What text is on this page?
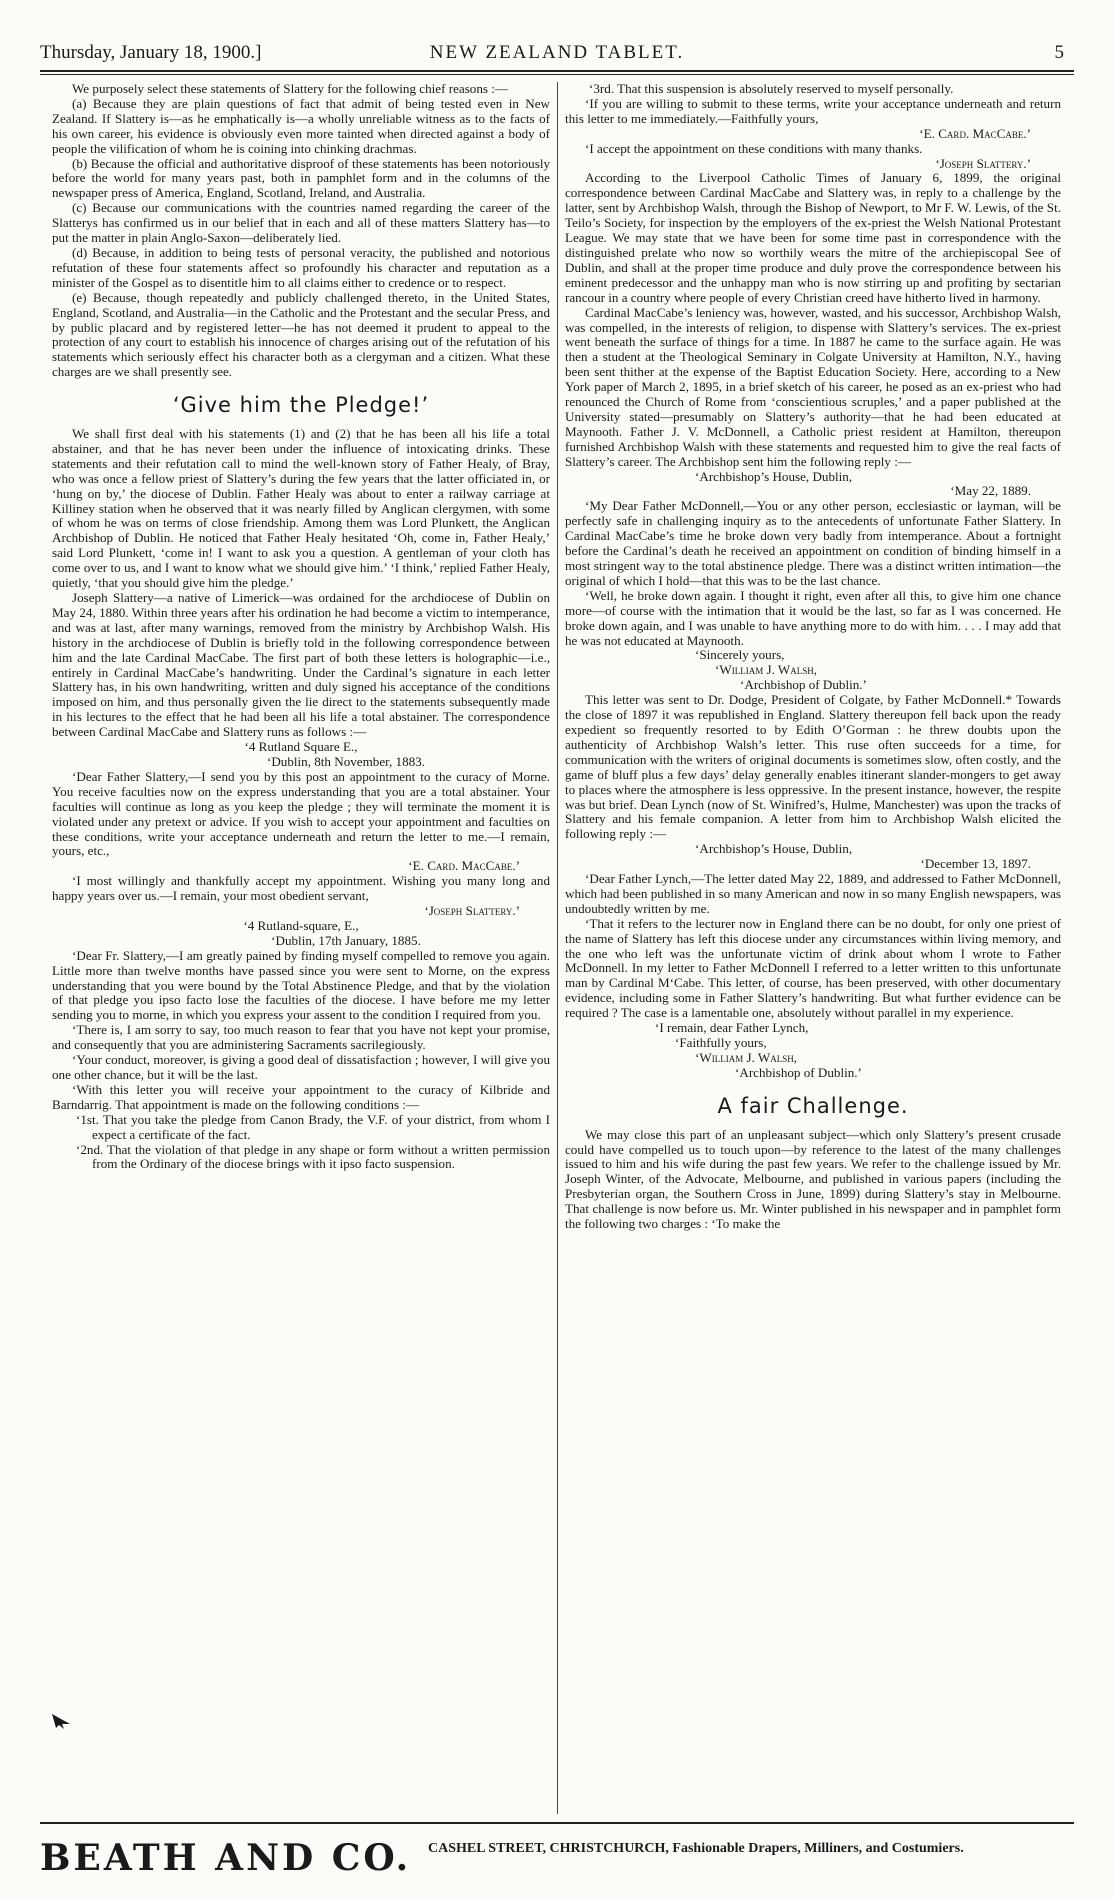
Thursday, January 18, 1900.]	NEW ZEALAND TABLET.	5

We purposely select these statements of Slattery for the following chief reasons :—

(a) Because they are plain questions of fact that admit of being tested even in New Zealand. If Slattery is—as he emphatically is—a wholly unreliable witness as to the facts of his own career, his evidence is obviously even more tainted when directed against a body of people the vilification of whom he is coining into chinking drachmas.

(b) Because the official and authoritative disproof of these statements has been notoriously before the world for many years past, both in pamphlet form and in the columns of the newspaper press of America, England, Scotland, Ireland, and Australia.

(c) Because our communications with the countries named regarding the career of the Slatterys has confirmed us in our belief that in each and all of these matters Slattery has—to put the matter in plain Anglo-Saxon—deliberately lied.

(d) Because, in addition to being tests of personal veracity, the published and notorious refutation of these four statements affect so profoundly his character and reputation as a minister of the Gospel as to disentitle him to all claims either to credence or to respect.

(e) Because, though repeatedly and publicly challenged thereto, in the United States, England, Scotland, and Australia—in the Catholic and the Protestant and the secular Press, and by public placard and by registered letter—he has not deemed it prudent to appeal to the protection of any court to establish his innocence of charges arising out of the refutation of his statements which seriously effect his character both as a clergyman and a citizen. What these charges are we shall presently see.

‘Give him the Pledge!’

We shall first deal with his statements (1) and (2) that he has been all his life a total abstainer, and that he has never been under the influence of intoxicating drinks. These statements and their refutation call to mind the well-known story of Father Healy, of Bray, who was once a fellow priest of Slattery’s during the few years that the latter officiated in, or ‘hung on by,’ the diocese of Dublin. Father Healy was about to enter a railway carriage at Killiney station when he observed that it was nearly filled by Anglican clergymen, with some of whom he was on terms of close friendship. Among them was Lord Plunkett, the Anglican Archbishop of Dublin. He noticed that Father Healy hesitated ‘Oh, come in, Father Healy,’ said Lord Plunkett, ‘come in! I want to ask you a question. A gentleman of your cloth has come over to us, and I want to know what we should give him.’ ‘I think,’ replied Father Healy, quietly, ‘that you should give him the pledge.’

Joseph Slattery—a native of Limerick—was ordained for the archdiocese of Dublin on May 24, 1880. Within three years after his ordination he had become a victim to intemperance, and was at last, after many warnings, removed from the ministry by Archbishop Walsh. His history in the archdiocese of Dublin is briefly told in the following correspondence between him and the late Cardinal MacCabe. The first part of both these letters is holographic—i.e., entirely in Cardinal MacCabe’s handwriting. Under the Cardinal’s signature in each letter Slattery has, in his own handwriting, written and duly signed his acceptance of the conditions imposed on him, and thus personally given the lie direct to the statements subsequently made in his lectures to the effect that he had been all his life a total abstainer. The correspondence between Cardinal MacCabe and Slattery runs as follows :—

‘4 Rutland Square E.,

‘Dublin, 8th November, 1883.

‘Dear Father Slattery,—I send you by this post an appointment to the curacy of Morne. You receive faculties now on the express understanding that you are a total abstainer. Your faculties will continue as long as you keep the pledge ; they will terminate the moment it is violated under any pretext or advice. If you wish to accept your appointment and faculties on these conditions, write your acceptance underneath and return the letter to me.—I remain, yours, etc.,

‘E. Card. MacCabe.’

‘I most willingly and thankfully accept my appointment. Wishing you many long and happy years over us.—I remain, your most obedient servant,

‘Joseph Slattery.’

‘4 Rutland-square, E.,

‘Dublin, 17th January, 1885.

‘Dear Fr. Slattery,—I am greatly pained by finding myself compelled to remove you again. Little more than twelve months have passed since you were sent to Morne, on the express understanding that you were bound by the Total Abstinence Pledge, and that by the violation of that pledge you ipso facto lose the faculties of the diocese. I have before me my letter sending you to morne, in which you express your assent to the condition I required from you.

‘There is, I am sorry to say, too much reason to fear that you have not kept your promise, and consequently that you are administering Sacraments sacrilegiously.

‘Your conduct, moreover, is giving a good deal of dissatisfaction ; however, I will give you one other chance, but it will be the last.

‘With this letter you will receive your appointment to the curacy of Kilbride and Barndarrig. That appointment is made on the following conditions :—

‘1st. That you take the pledge from Canon Brady, the V.F. of your district, from whom I expect a certificate of the fact.

‘2nd. That the violation of that pledge in any shape or form without a written permission from the Ordinary of the diocese brings with it ipso facto suspension.

‘3rd. That this suspension is absolutely reserved to myself personally.

‘If you are willing to submit to these terms, write your acceptance underneath and return this letter to me immediately.—Faithfully yours,

‘E. Card. MacCabe.’

‘I accept the appointment on these conditions with many thanks.

‘Joseph Slattery.’

According to the Liverpool Catholic Times of January 6, 1899, the original correspondence between Cardinal MacCabe and Slattery was, in reply to a challenge by the latter, sent by Archbishop Walsh, through the Bishop of Newport, to Mr F. W. Lewis, of the St. Teilo’s Society, for inspection by the employers of the ex-priest the Welsh National Protestant League. We may state that we have been for some time past in correspondence with the distinguished prelate who now so worthily wears the mitre of the archiepiscopal See of Dublin, and shall at the proper time produce and duly prove the correspondence between his eminent predecessor and the unhappy man who is now stirring up and profiting by sectarian rancour in a country where people of every Christian creed have hitherto lived in harmony.

Cardinal MacCabe’s leniency was, however, wasted, and his successor, Archbishop Walsh, was compelled, in the interests of religion, to dispense with Slattery’s services. The ex-priest went beneath the surface of things for a time. In 1887 he came to the surface again. He was then a student at the Theological Seminary in Colgate University at Hamilton, N.Y., having been sent thither at the expense of the Baptist Education Society. Here, according to a New York paper of March 2, 1895, in a brief sketch of his career, he posed as an ex-priest who had renounced the Church of Rome from ‘conscientious scruples,’ and a paper published at the University stated—presumably on Slattery’s authority—that he had been educated at Maynooth. Father J. V. McDonnell, a Catholic priest resident at Hamilton, thereupon furnished Archbishop Walsh with these statements and requested him to give the real facts of Slattery’s career. The Archbishop sent him the following reply :—

‘Archbishop’s House, Dublin,

‘May 22, 1889.

‘My Dear Father McDonnell,—You or any other person, ecclesiastic or layman, will be perfectly safe in challenging inquiry as to the antecedents of unfortunate Father Slattery. In Cardinal MacCabe’s time he broke down very badly from intemperance. About a fortnight before the Cardinal’s death he received an appointment on condition of binding himself in a most stringent way to the total abstinence pledge. There was a distinct written intimation—the original of which I hold—that this was to be the last chance.

‘Well, he broke down again. I thought it right, even after all this, to give him one chance more—of course with the intimation that it would be the last, so far as I was concerned. He broke down again, and I was unable to have anything more to do with him. . . . I may add that he was not educated at Maynooth.

‘Sincerely yours,

‘William J. Walsh,

‘Archbishop of Dublin.’

This letter was sent to Dr. Dodge, President of Colgate, by Father McDonnell.* Towards the close of 1897 it was republished in England. Slattery thereupon fell back upon the ready expedient so frequently resorted to by Edith O’Gorman : he threw doubts upon the authenticity of Archbishop Walsh’s letter. This ruse often succeeds for a time, for communication with the writers of original documents is sometimes slow, often costly, and the game of bluff plus a few days’ delay generally enables itinerant slander-mongers to get away to places where the atmosphere is less oppressive. In the present instance, however, the respite was but brief. Dean Lynch (now of St. Winifred’s, Hulme, Manchester) was upon the tracks of Slattery and his female companion. A letter from him to Archbishop Walsh elicited the following reply :—

‘Archbishop’s House, Dublin,

‘December 13, 1897.

‘Dear Father Lynch,—The letter dated May 22, 1889, and addressed to Father McDonnell, which had been published in so many American and now in so many English newspapers, was undoubtedly written by me.

‘That it refers to the lecturer now in England there can be no doubt, for only one priest of the name of Slattery has left this diocese under any circumstances within living memory, and the one who left was the unfortunate victim of drink about whom I wrote to Father McDonnell. In my letter to Father McDonnell I referred to a letter written to this unfortunate man by Cardinal M‘Cabe. This letter, of course, has been preserved, with other documentary evidence, including some in Father Slattery’s handwriting. But what further evidence can be required ? The case is a lamentable one, absolutely without parallel in my experience.

‘I remain, dear Father Lynch,

‘Faithfully yours,

‘William J. Walsh,

‘Archbishop of Dublin.’

A fair Challenge.

We may close this part of an unpleasant subject—which only Slattery’s present crusade could have compelled us to touch upon—by reference to the latest of the many challenges issued to him and his wife during the past few years. We refer to the challenge issued by Mr. Joseph Winter, of the Advocate, Melbourne, and published in various papers (including the Presbyterian organ, the Southern Cross in June, 1899) during Slattery’s stay in Melbourne. That challenge is now before us. Mr. Winter published in his newspaper and in pamphlet form the following two charges : ‘To make the

BEATH AND CO. CASHEL STREET, CHRISTCHURCH, Fashionable Drapers, Milliners, and Costumiers.
